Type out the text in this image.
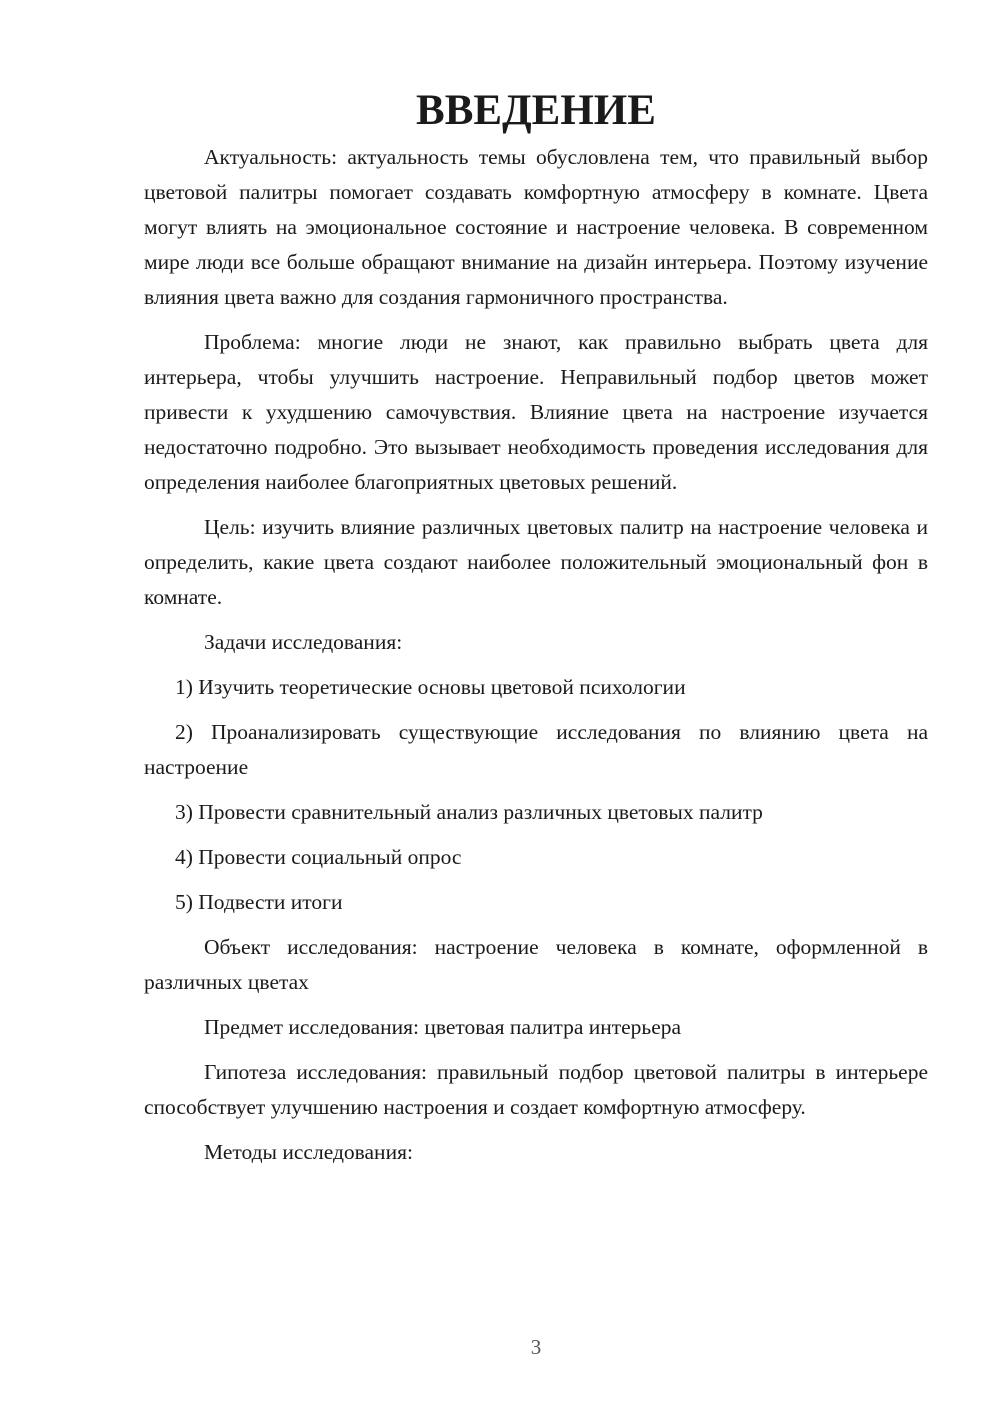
ВВЕДЕНИЕ

Актуальность: актуальность темы обусловлена тем, что правильный выбор цветовой палитры помогает создавать комфортную атмосферу в комнате. Цвета могут влиять на эмоциональное состояние и настроение человека. В современном мире люди все больше обращают внимание на дизайн интерьера. Поэтому изучение влияния цвета важно для создания гармоничного пространства.

Проблема: многие люди не знают, как правильно выбрать цвета для интерьера, чтобы улучшить настроение. Неправильный подбор цветов может привести к ухудшению самочувствия. Влияние цвета на настроение изучается недостаточно подробно. Это вызывает необходимость проведения исследования для определения наиболее благоприятных цветовых решений.

Цель: изучить влияние различных цветовых палитр на настроение человека и определить, какие цвета создают наиболее положительный эмоциональный фон в комнате.

Задачи исследования:

1) Изучить теоретические основы цветовой психологии

2) Проанализировать существующие исследования по влиянию цвета на настроение

3) Провести сравнительный анализ различных цветовых палитр

4) Провести социальный опрос

5) Подвести итоги

Объект исследования: настроение человека в комнате, оформленной в различных цветах

Предмет исследования: цветовая палитра интерьера

Гипотеза исследования: правильный подбор цветовой палитры в интерьере способствует улучшению настроения и создает комфортную атмосферу.

Методы исследования:

3
